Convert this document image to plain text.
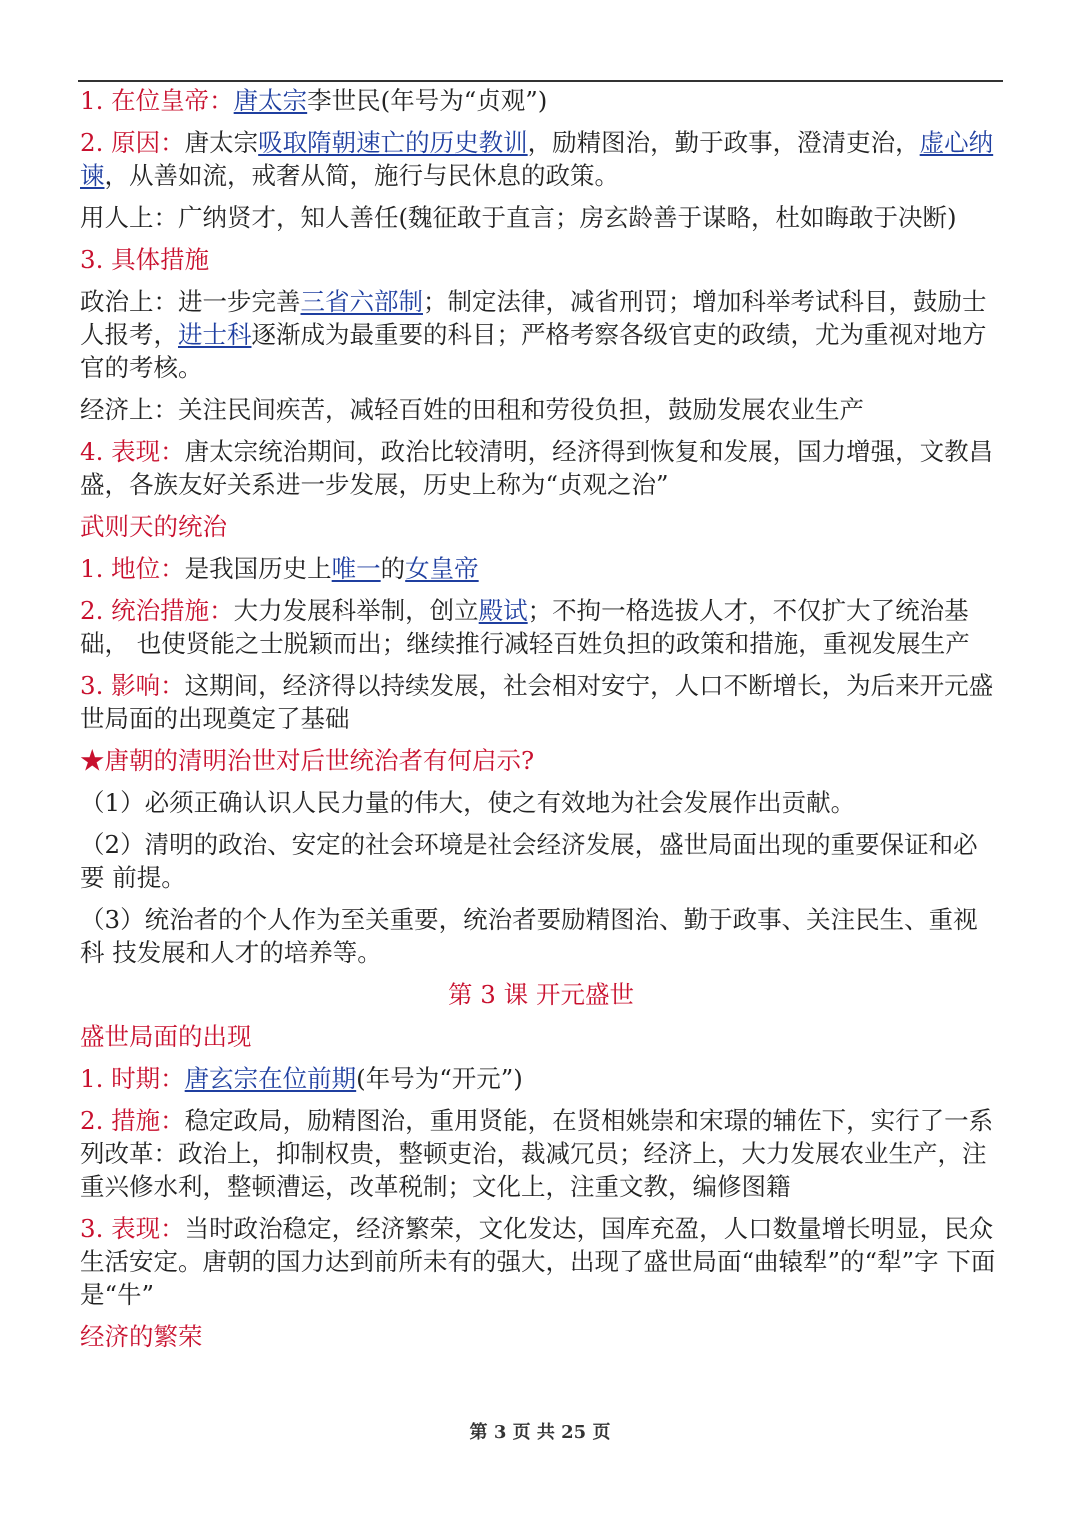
1. 在位皇帝：唐太宗李世民(年号为“贞观”)

2. 原因：唐太宗吸取隋朝速亡的历史教训，励精图治，勤于政事，澄清吏治，虚心纳 谏，从善如流，戒奢从简，施行与民休息的政策。

用人上：广纳贤才，知人善任(魏征敢于直言；房玄龄善于谋略，杜如晦敢于决断)

3. 具体措施

政治上：进一步完善三省六部制；制定法律，减省刑罚；增加科举考试科目，鼓励士 人报考，进士科逐渐成为最重要的科目；严格考察各级官吏的政绩，尤为重视对地方 官的考核。

经济上：关注民间疾苦，减轻百姓的田租和劳役负担，鼓励发展农业生产

4. 表现：唐太宗统治期间，政治比较清明，经济得到恢复和发展，国力增强，文教昌 盛，各族友好关系进一步发展，历史上称为“贞观之治”

武则天的统治

1. 地位：是我国历史上唯一的女皇帝

2. 统治措施：大力发展科举制，创立殿试；不拘一格选拔人才，不仅扩大了统治基础， 也使贤能之士脱颖而出；继续推行减轻百姓负担的政策和措施，重视发展生产

3. 影响：这期间，经济得以持续发展，社会相对安宁，人口不断增长，为后来开元盛 世局面的出现奠定了基础

★唐朝的清明治世对后世统治者有何启示?

（1）必须正确认识人民力量的伟大，使之有效地为社会发展作出贡献。

（2）清明的政治、安定的社会环境是社会经济发展，盛世局面出现的重要保证和必要 前提。

（3）统治者的个人作为至关重要，统治者要励精图治、勤于政事、关注民生、重视科 技发展和人才的培养等。

第 3 课 开元盛世

盛世局面的出现

1. 时期：唐玄宗在位前期(年号为“开元”)

2. 措施：稳定政局，励精图治，重用贤能，在贤相姚崇和宋璟的辅佐下，实行了一系 列改革：政治上，抑制权贵，整顿吏治，裁减冗员；经济上，大力发展农业生产，注 重兴修水利，整顿漕运，改革税制；文化上，注重文教，编修图籍

3. 表现：当时政治稳定，经济繁荣，文化发达，国库充盈，人口数量增长明显，民众 生活安定。唐朝的国力达到前所未有的强大，出现了盛世局面“曲辕犁”的“犁”字 下面是“牛”

经济的繁荣

第 3 页 共 25 页
